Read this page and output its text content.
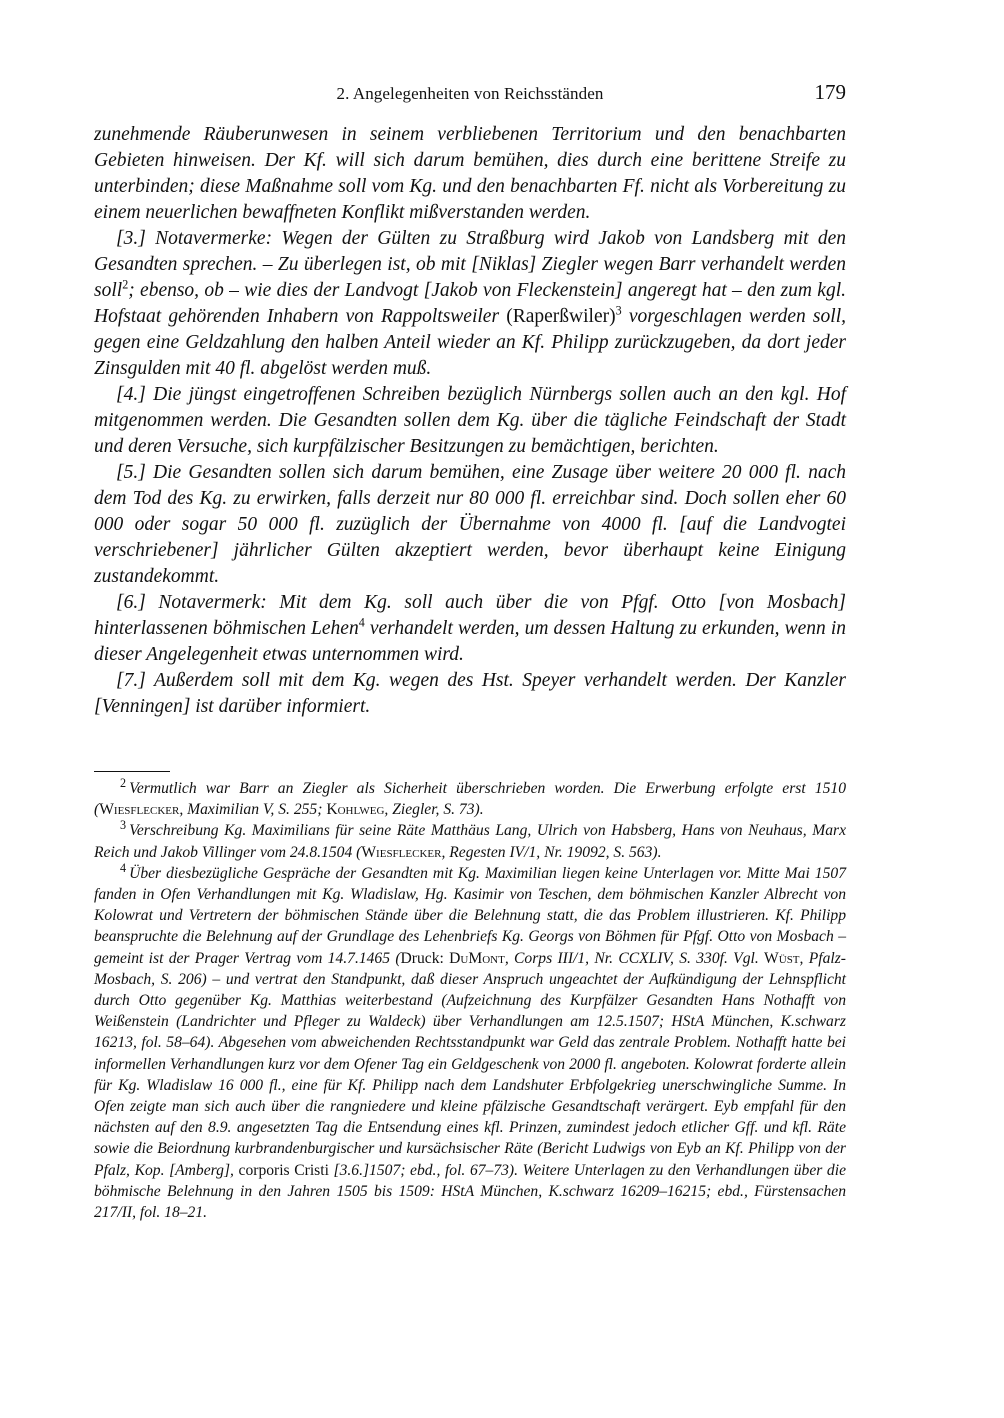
2. Angelegenheiten von Reichsständen	179

zunehmende Räuberunwesen in seinem verbliebenen Territorium und den benachbarten Gebieten hinweisen. Der Kf. will sich darum bemühen, dies durch eine berittene Streife zu unterbinden; diese Maßnahme soll vom Kg. und den benachbarten Ff. nicht als Vorbereitung zu einem neuerlichen bewaffneten Konflikt mißverstanden werden.

[3.] Notavermerke: Wegen der Gülten zu Straßburg wird Jakob von Landsberg mit den Gesandten sprechen. – Zu überlegen ist, ob mit [Niklas] Ziegler wegen Barr verhandelt werden soll$^2$; ebenso, ob – wie dies der Landvogt [Jakob von Fleckenstein] angeregt hat – den zum kgl. Hofstaat gehörenden Inhabern von Rappoltsweiler (Raperßwiler)$^3$ vorgeschlagen werden soll, gegen eine Geldzahlung den halben Anteil wieder an Kf. Philipp zurückzugeben, da dort jeder Zinsgulden mit 40 fl. abgelöst werden muß.

[4.] Die jüngst eingetroffenen Schreiben bezüglich Nürnbergs sollen auch an den kgl. Hof mitgenommen werden. Die Gesandten sollen dem Kg. über die tägliche Feindschaft der Stadt und deren Versuche, sich kurpfälzischer Besitzungen zu bemächtigen, berichten.

[5.] Die Gesandten sollen sich darum bemühen, eine Zusage über weitere 20 000 fl. nach dem Tod des Kg. zu erwirken, falls derzeit nur 80 000 fl. erreichbar sind. Doch sollen eher 60 000 oder sogar 50 000 fl. zuzüglich der Übernahme von 4000 fl. [auf die Landvogtei verschriebener] jährlicher Gülten akzeptiert werden, bevor überhaupt keine Einigung zustandekommt.

[6.] Notavermerk: Mit dem Kg. soll auch über die von Pfgf. Otto [von Mosbach] hinterlassenen böhmischen Lehen$^4$ verhandelt werden, um dessen Haltung zu erkunden, wenn in dieser Angelegenheit etwas unternommen wird.

[7.] Außerdem soll mit dem Kg. wegen des Hst. Speyer verhandelt werden. Der Kanzler [Venningen] ist darüber informiert.

$^2$ Vermutlich war Barr an Ziegler als Sicherheit überschrieben worden. Die Erwerbung erfolgte erst 1510 (Wiesflecker, Maximilian V, S. 255; Kohlweg, Ziegler, S. 73).

$^3$ Verschreibung Kg. Maximilians für seine Räte Matthäus Lang, Ulrich von Habsberg, Hans von Neuhaus, Marx Reich und Jakob Villinger vom 24.8.1504 (Wiesflecker, Regesten IV/1, Nr. 19092, S. 563).

$^4$ Über diesbezügliche Gespräche der Gesandten mit Kg. Maximilian liegen keine Unterlagen vor. Mitte Mai 1507 fanden in Ofen Verhandlungen mit Kg. Wladislaw, Hg. Kasimir von Teschen, dem böhmischen Kanzler Albrecht von Kolowrat und Vertretern der böhmischen Stände über die Belehnung statt, die das Problem illustrieren. Kf. Philipp beanspruchte die Belehnung auf der Grundlage des Lehenbriefs Kg. Georgs von Böhmen für Pfgf. Otto von Mosbach – gemeint ist der Prager Vertrag vom 14.7.1465 (Druck: DuMont, Corps III/1, Nr. CCXLIV, S. 330f. Vgl. Wüst, Pfalz-Mosbach, S. 206) – und vertrat den Standpunkt, daß dieser Anspruch ungeachtet der Aufkündigung der Lehnspflicht durch Otto gegenüber Kg. Matthias weiterbestand (Aufzeichnung des Kurpfälzer Gesandten Hans Nothafft von Weißenstein (Landrichter und Pfleger zu Waldeck) über Verhandlungen am 12.5.1507; HStA München, K.schwarz 16213, fol. 58–64). Abgesehen vom abweichenden Rechtsstandpunkt war Geld das zentrale Problem. Nothafft hatte bei informellen Verhandlungen kurz vor dem Ofener Tag ein Geldgeschenk von 2000 fl. angeboten. Kolowrat forderte allein für Kg. Wladislaw 16 000 fl., eine für Kf. Philipp nach dem Landshuter Erbfolgekrieg unerschwingliche Summe. In Ofen zeigte man sich auch über die rangniedere und kleine pfälzische Gesandtschaft verärgert. Eyb empfahl für den nächsten auf den 8.9. angesetzten Tag die Entsendung eines kfl. Prinzen, zumindest jedoch etlicher Gff. und kfl. Räte sowie die Beiordnung kurbrandenburgischer und kursächsischer Räte (Bericht Ludwigs von Eyb an Kf. Philipp von der Pfalz, Kop. [Amberg], corporis Cristi [3.6.]1507; ebd., fol. 67–73). Weitere Unterlagen zu den Verhandlungen über die böhmische Belehnung in den Jahren 1505 bis 1509: HStA München, K.schwarz 16209–16215; ebd., Fürstensachen 217/II, fol. 18–21.
